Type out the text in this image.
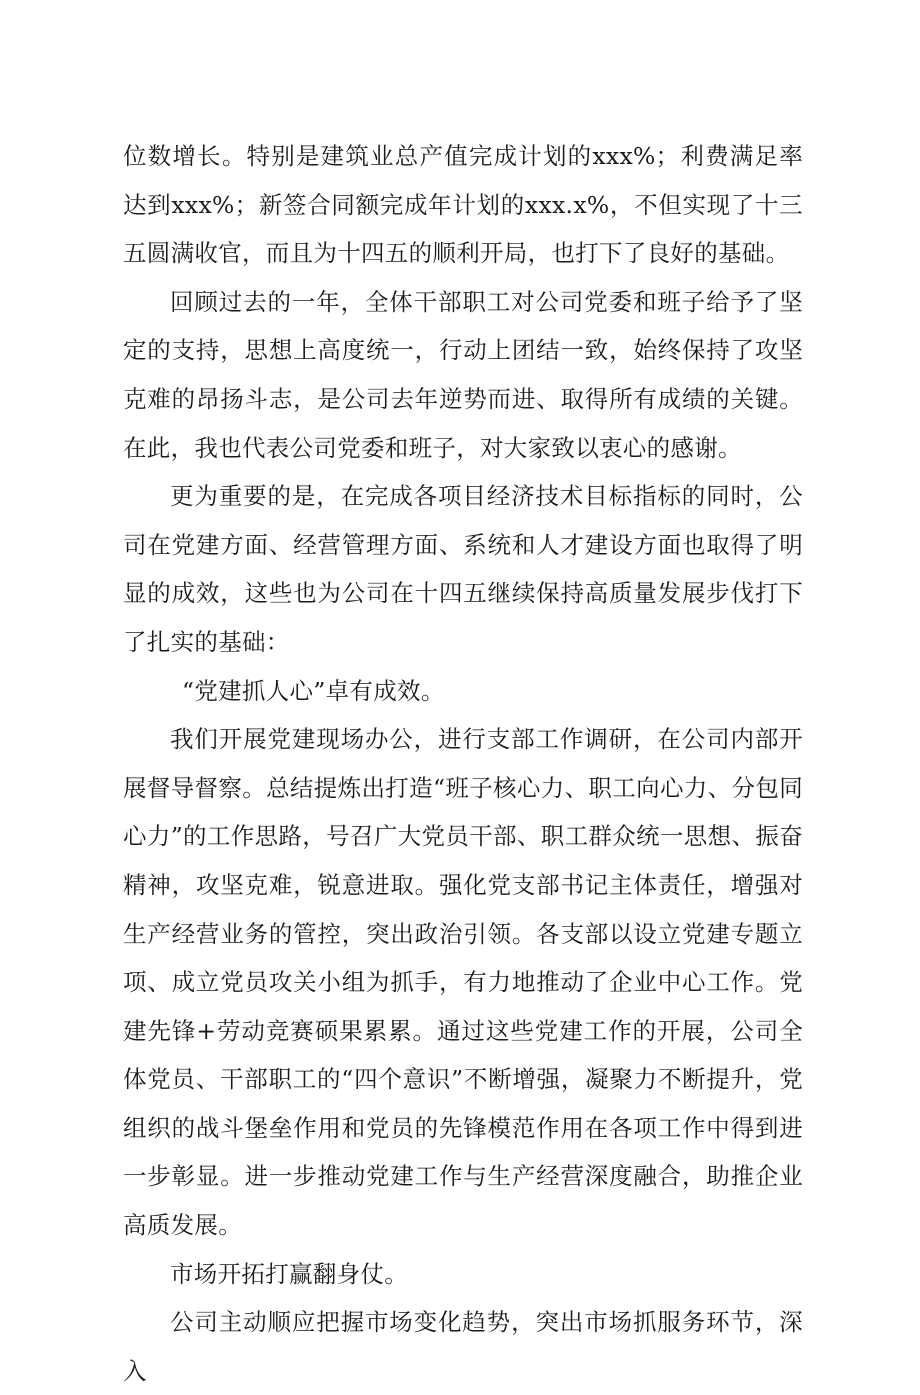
位数增长。特别是建筑业总产值完成计划的xxx%；利费满足率达到xxx%；新签合同额完成年计划的xxx.x%，不但实现了十三五圆满收官，而且为十四五的顺利开局，也打下了良好的基础。

回顾过去的一年，全体干部职工对公司党委和班子给予了坚定的支持，思想上高度统一，行动上团结一致，始终保持了攻坚克难的昂扬斗志，是公司去年逆势而进、取得所有成绩的关键。在此，我也代表公司党委和班子，对大家致以衷心的感谢。

更为重要的是，在完成各项目经济技术目标指标的同时，公司在党建方面、经营管理方面、系统和人才建设方面也取得了明显的成效，这些也为公司在十四五继续保持高质量发展步伐打下了扎实的基础：

“党建抓人心”卓有成效。

我们开展党建现场办公，进行支部工作调研，在公司内部开展督导督察。总结提炼出打造“班子核心力、职工向心力、分包同心力”的工作思路，号召广大党员干部、职工群众统一思想、振奋精神，攻坚克难，锐意进取。强化党支部书记主体责任，增强对生产经营业务的管控，突出政治引领。各支部以设立党建专题立项、成立党员攻关小组为抓手，有力地推动了企业中心工作。党建先锋+劳动竞赛硕果累累。通过这些党建工作的开展，公司全体党员、干部职工的“四个意识”不断增强，凝聚力不断提升，党组织的战斗堡垒作用和党员的先锋模范作用在各项工作中得到进一步彰显。进一步推动党建工作与生产经营深度融合，助推企业高质发展。

市场开拓打赢翻身仗。

公司主动顺应把握市场变化趋势，突出市场抓服务环节，深入
